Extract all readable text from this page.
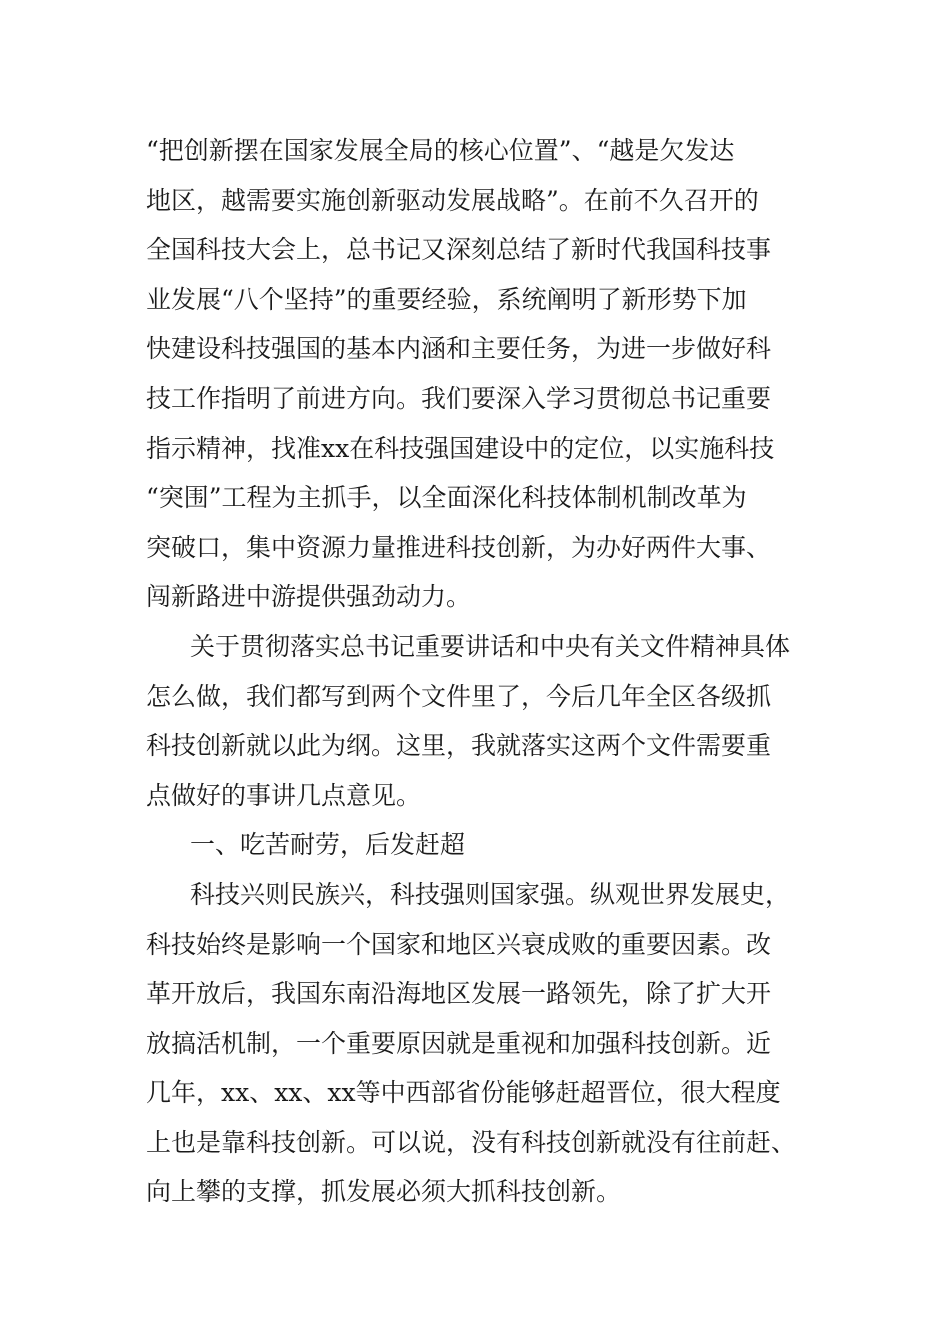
“把创新摆在国家发展全局的核心位置”、“越是欠发达
地区，越需要实施创新驱动发展战略”。在前不久召开的
全国科技大会上，总书记又深刻总结了新时代我国科技事
业发展“八个坚持”的重要经验，系统阐明了新形势下加
快建设科技强国的基本内涵和主要任务，为进一步做好科
技工作指明了前进方向。我们要深入学习贯彻总书记重要
指示精神，找准xx在科技强国建设中的定位，以实施科技
“突围”工程为主抓手，以全面深化科技体制机制改革为
突破口，集中资源力量推进科技创新，为办好两件大事、
闯新路进中游提供强劲动力。
关于贯彻落实总书记重要讲话和中央有关文件精神具体
怎么做，我们都写到两个文件里了，今后几年全区各级抓
科技创新就以此为纲。这里，我就落实这两个文件需要重
点做好的事讲几点意见。
一、吃苦耐劳，后发赶超
科技兴则民族兴，科技强则国家强。纵观世界发展史，
科技始终是影响一个国家和地区兴衰成败的重要因素。改
革开放后，我国东南沿海地区发展一路领先，除了扩大开
放搞活机制，一个重要原因就是重视和加强科技创新。近
几年，xx、xx、xx等中西部省份能够赶超晋位，很大程度
上也是靠科技创新。可以说，没有科技创新就没有往前赶、
向上攀的支撑，抓发展必须大抓科技创新。
